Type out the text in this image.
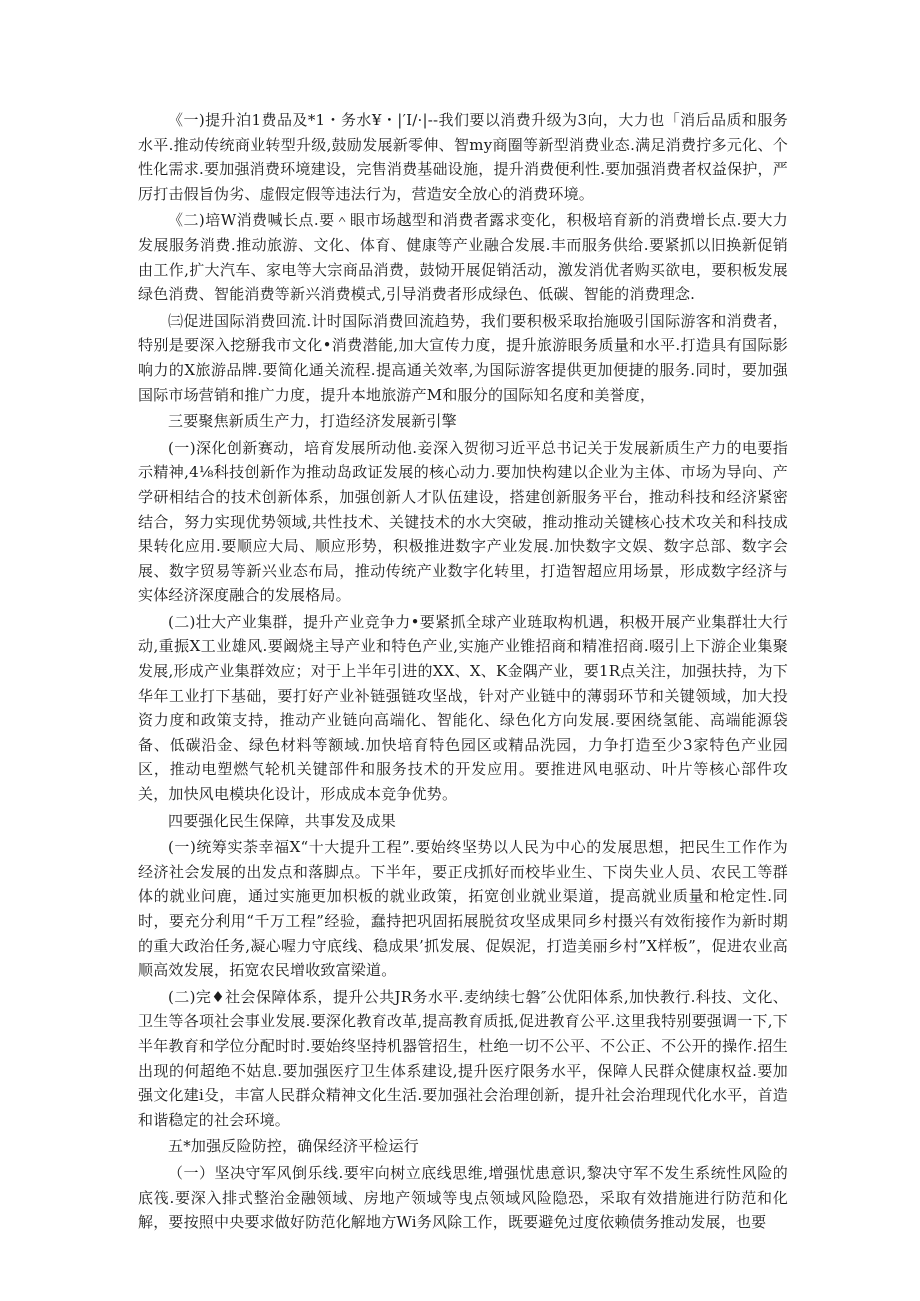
《一)提升泊1费品及*1・务水¥・|′Ι∕·|--我们要以消费升级为3向，大力也「消后品质和服务水平.推动传统商业转型升级,鼓励发展新零伸、智my商圈等新型消费业态.满足消费拧多元化、个性化需求.要加强消费环境建设，完售消费基础设施，提升消费便利性.要加强消费者权益保护，严厉打击假旨伪劣、虚假定假等违法行为，营造安全放心的消费环境。

《二)培W消费喊长点.要＾眼市场越型和消费者露求变化，积极培育新的消费增长点.要大力发展服务消费.推动旅游、文化、体育、健康等产业融合发展.丰而服务供给.要紧抓以旧换新促销由工作,扩大汽车、家电等大宗商品消费，鼓恸开展促销活动，激发消优者购买欲电，要积板发展绿色消费、智能消费等新兴消费模式,引导消费者形成绿色、低碳、智能的消费理念.

㈢促进国际消费回流.计时国际消费回流趋势，我们要积极采取抬施吸引国际游客和消费者，特别是要深入挖掰我市文化•消费潜能,加大宣传力度，提升旅游眼务质量和水平.打造具有国际影响力的X旅游品牌.要简化通关流程.提高通关效率,为国际游客提供更加便捷的服务.同时，要加强国际市场营销和推广力度，提升本地旅游产M和服分的国际知名度和美誉度，

三要聚焦新质生产力，打造经济发展新引擎

(一)深化创新赛动，培育发展所动他.妾深入贺彻习近平总书记关于发展新质生产力的电要指示精神,4⅛科技创新作为推动岛政证发展的核心动力.要加快构建以企业为主体、市场为导向、产学研相结合的技术创新体系，加强创新人才队伍建设，搭建创新服务平台，推动科技和经济紧密结合，努力实现优势领域,共性技术、关键技术的水大突破，推动推动关键核心技术攻关和科技成果转化应用.要顺应大局、顺应形势，积极推进数字产业发展.加快数字文娱、数字总部、数字会展、数字贸易等新兴业态布局，推动传统产业数字化转里，打造智超应用场景，形成数字经济与实体经济深度融合的发展格局。

(二)壮大产业集群，提升产业竞争力•要紧抓全球产业琏取构机遇，积极开展产业集群壮大行动,重振X工业雄风.要阚烧主导产业和特色产业,实施产业锥招商和精准招商.啜引上下游企业集聚发展,形成产业集群效应；对于上半年引进的XX、X、K金隅产业，要1R点关注，加强扶持，为下华年工业打下基础，要打好产业补链强链攻坚战，针对产业链中的薄弱环节和关键领域，加大投资力度和政策支持，推动产业链向高端化、智能化、绿色化方向发展.要困绕氢能、高端能源袋备、低碳沿金、绿色材料等额域.加快培育特色园区或精品洗园，力争打造至少3家特色产业园区，推动电塑燃气轮机关键部件和服务技术的开发应用。要推进风电驱动、叶片等核心部件攻关，加快风电模块化设计，形成成本竞争优势。

四要强化民生保障，共事发及成果

(一)统筹实荼幸福X“十大提升工程”.要始终坚势以人民为中心的发展思想，把民生工作作为经济社会发展的出发点和落脚点。下半年，要正戌抓好而校毕业生、下岗失业人员、农民工等群体的就业问鹿，通过实施更加枳板的就业政策，拓宽创业就业渠道，提高就业质量和枪定性.同时，要充分利用“千万工程”经验，蠢持把巩固拓展脱贫攻坚成果同乡村摄兴有效衔接作为新时期的重大政治任务,凝心喔力守底线、稳成果’抓发展、促娱泥，打造美丽乡村”X样板”，促进农业高顺高效发展，拓宽农民增收致富梁道。

(二)完♦社会保障体系，提升公共JR务水平.麦纳续七磐″公优阳体系,加快教行.科技、文化、卫生等各项社会事业发展.要深化教育改革,提高教育质抵,促进教育公平.这里我特别要强调一下,下半年教育和学位分配时时.要始终坚持机器管招生，杜绝一切不公平、不公正、不公开的操作.招生出现的何超绝不姑息.要加强医疗卫生体系建设,提升医疗限务水平，保障人民群众健康权益.要加强文化建i殳，丰富人民群众精神文化生活.要加强社会治理创新，提升社会治理现代化水平，首造和谐稳定的社会环境。

五*加强反险防控，确保经济平检运行

（一）坚决守军风倒乐线.要牢向树立底线思维,增强忧患意识,黎决守军不发生系统性风险的底筏.要深入排式整治金融领域、房地产领域等曳点领域风险隐恐，采取有效措施进行防范和化解，要按照中央要求做好防范化解地方Wi务风除工作，既要避免过度依赖债务推动发展，也要
